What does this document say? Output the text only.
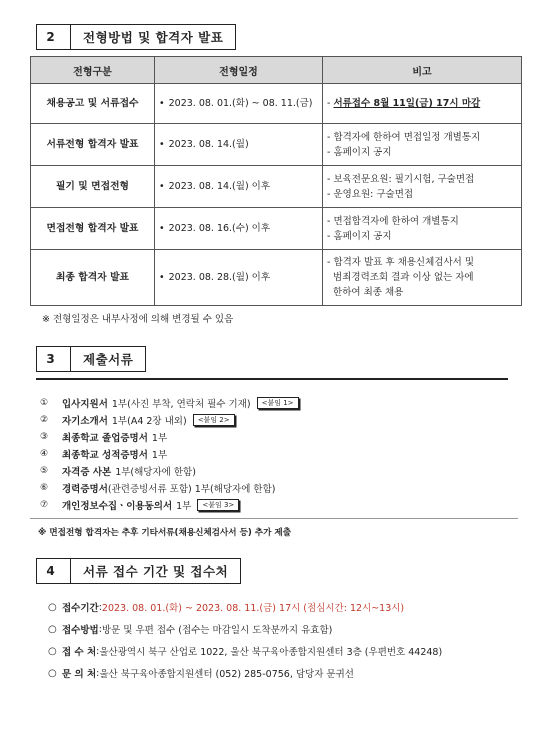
2	전형방법 및 합격자 발표
전형구분	전형일정	비고
채용공고 및 서류접수	• 2023. 08. 01.(화) ~ 08. 11.(금)	- 서류접수 8월 11일(금) 17시 마감
서류전형 합격자 발표	• 2023. 08. 14.(월)	- 합격자에 한하여 면접일정 개별통지
- 홈페이지 공지

필기 및 면접전형	• 2023. 08. 14.(월) 이후	- 보육전문요원: 필기시험, 구술면접
- 운영요원: 구술면접

면접전형 합격자 발표	• 2023. 08. 16.(수) 이후	- 면접합격자에 한하여 개별통지
- 홈페이지 공지

최종 합격자 발표	• 2023. 08. 28.(월) 이후	- 합격자 발표 후 채용신체검사서 및
범죄경력조회 결과 이상 없는 자에
한하여 최종 채용
※ 전형일정은 내부사정에 의해 변경될 수 있음
3	제출서류
①	입사지원서 1부(사진 부착, 연락처 필수 기재)	<붙임 1>
②	자기소개서 1부(A4 2장 내외)	<붙임 2>
③	최종학교 졸업증명서 1부
④	최종학교 성적증명서 1부
⑤	자격증 사본 1부(해당자에 한함)
⑥	경력증명서 (관련증빙서류 포함) 1부(해당자에 한함)
⑦	개인정보수집ㆍ이용동의서 1부	<붙임 3>
※ 면접전형 합격자는 추후 기타서류(채용신체검사서 등) 추가 제출
4	서류 접수 기간 및 접수처
○ 접수기간 : 2023. 08. 01.(화) ~ 2023. 08. 11.(금) 17시 (점심시간: 12시~13시)
○ 접수방법 : 방문 및 우편 접수 (접수는 마감일시 도착분까지 유효함)
○ 접 수 처 : 울산광역시 북구 산업로 1022, 울산 북구육아종합지원센터 3층 (우편번호 44248)
○ 문 의 처 : 울산 북구육아종합지원센터 (052) 285-0756, 담당자 문귀선
